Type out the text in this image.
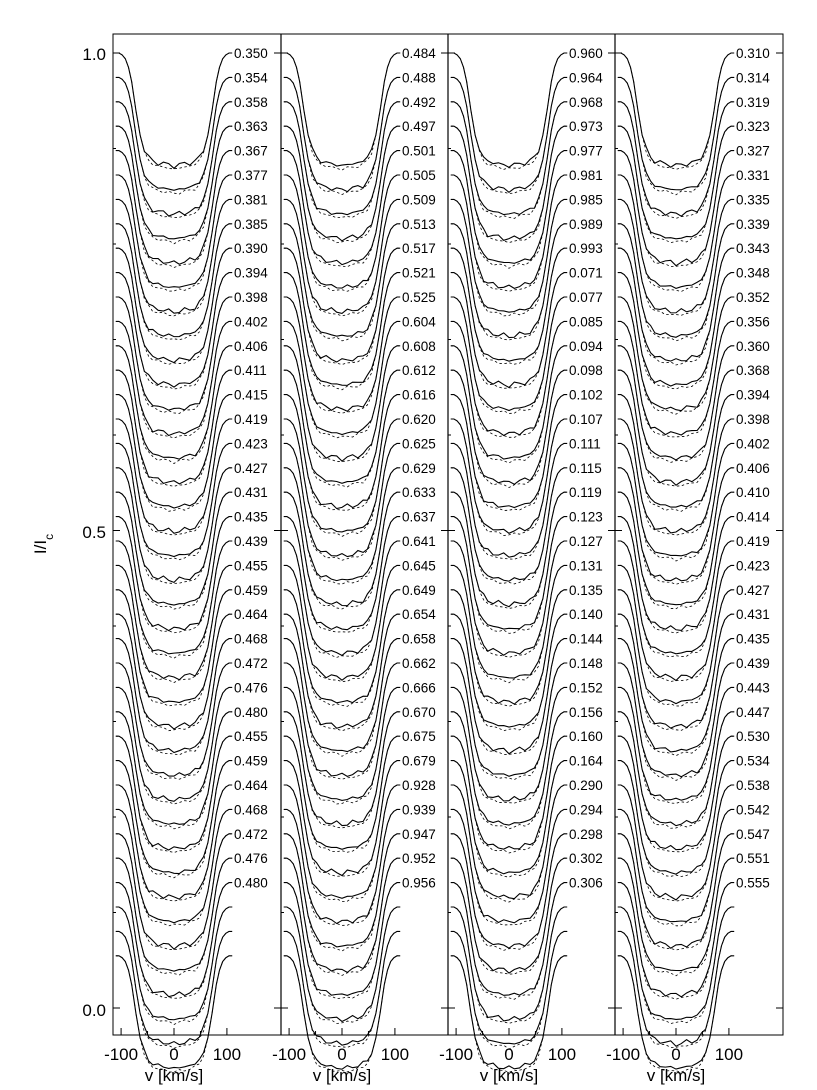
0.350
0.354
0.358
0.363
0.367
0.377
0.381
0.385
0.390
0.394
0.398
0.402
0.406
0.411
0.415
0.419
0.423
0.427
0.431
0.435
0.439
0.455
0.459
0.464
0.468
0.472
0.476
0.480
0.455
0.459
0.464
0.468
0.472
0.476
0.480
0.484
0.488
0.492
0.497
0.501
0.505
0.509
0.513
0.517
0.521
0.525
0.604
0.608
0.612
0.616
0.620
0.625
0.629
0.633
0.637
0.641
0.645
0.649
0.654
0.658
0.662
0.666
0.670
0.675
0.679
0.928
0.939
0.947
0.952
0.956
0.960
0.964
0.968
0.973
0.977
0.981
0.985
0.989
0.993
0.071
0.077
0.085
0.094
0.098
0.102
0.107
0.111
0.115
0.119
0.123
0.127
0.131
0.135
0.140
0.144
0.148
0.152
0.156
0.160
0.164
0.290
0.294
0.298
0.302
0.306
0.310
0.314
0.319
0.323
0.327
0.331
0.335
0.339
0.343
0.348
0.352
0.356
0.360
0.368
0.394
0.398
0.402
0.406
0.410
0.414
0.419
0.423
0.427
0.431
0.435
0.439
0.443
0.447
0.530
0.534
0.538
0.542
0.547
0.551
0.555
1.0
0.5
0.0
$I/I_c$
-100 0 100
v [km/s]
-100 0 100
v [km/s]
-100 0 100
v [km/s]
-100 0 100
v [km/s]
